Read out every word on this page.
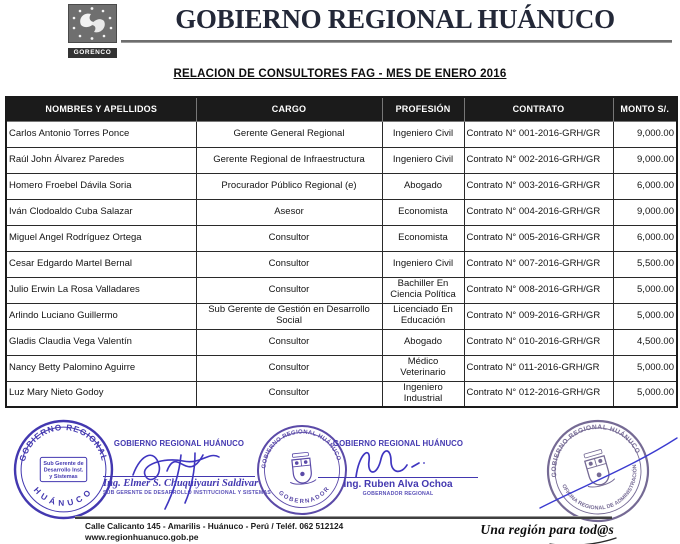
GORENCO
GOBIERNO REGIONAL HUÁNUCO
RELACION DE CONSULTORES FAG - MES DE ENERO 2016
NOMBRES Y APELLIDOS	CARGO	PROFESIÓN	CONTRATO	MONTO S/.
Carlos Antonio Torres Ponce	Gerente General Regional	Ingeniero Civil	Contrato N° 001-2016-GRH/GR	9,000.00
Raúl John Álvarez Paredes	Gerente Regional de Infraestructura	Ingeniero Civil	Contrato N° 002-2016-GRH/GR	9,000.00
Homero Froebel Dávila Soria	Procurador Público Regional (e)	Abogado	Contrato N° 003-2016-GRH/GR	6,000.00
Iván Clodoaldo Cuba Salazar	Asesor	Economista	Contrato N° 004-2016-GRH/GR	9,000.00
Miguel Angel Rodríguez Ortega	Consultor	Economista	Contrato N° 005-2016-GRH/GR	6,000.00
Cesar Edgardo Martel Bernal	Consultor	Ingeniero Civil	Contrato N° 007-2016-GRH/GR	5,500.00
Julio Erwin La Rosa Valladares	Consultor	Bachiller En Ciencia Política	Contrato N° 008-2016-GRH/GR	5,000.00
Arlindo Luciano Guillermo	Sub Gerente de Gestión en Desarrollo Social	Licenciado En Educación	Contrato N° 009-2016-GRH/GR	5,000.00
Gladis Claudia Vega Valentín	Consultor	Abogado	Contrato N° 010-2016-GRH/GR	4,500.00
Nancy Betty Palomino Aguirre	Consultor	Médico Veterinario	Contrato N° 011-2016-GRH/GR	5,000.00
Luz Mary Nieto Godoy	Consultor	Ingeniero Industrial	Contrato N° 012-2016-GRH/GR	5,000.00
GOBIERNO REGIONAL
HUÁNUCO
Sub Gerente de
Desarrollo Inst.
y Sistemas
GOBIERNO REGIONAL HUÁNUCO
Ing. Elmer S. Chuquiyauri Saldivar
SUB GERENTE DE DESARROLLO INSTITUCIONAL Y SISTEMAS
GOBIERNO REGIONAL HUÁNUCO
GOBERNADOR
GOBIERNO REGIONAL HUÁNUCO
Ing. Ruben Alva Ochoa
GOBERNADOR REGIONAL
GOBIERNO REGIONAL HUÁNUCO
OFICINA REGIONAL DE ADMINISTRACIÓN
Calle Calicanto 145 - Amarilis - Huánuco - Perú / Teléf. 062 512124
www.regionhuanuco.gob.pe	Una región para tod@s
